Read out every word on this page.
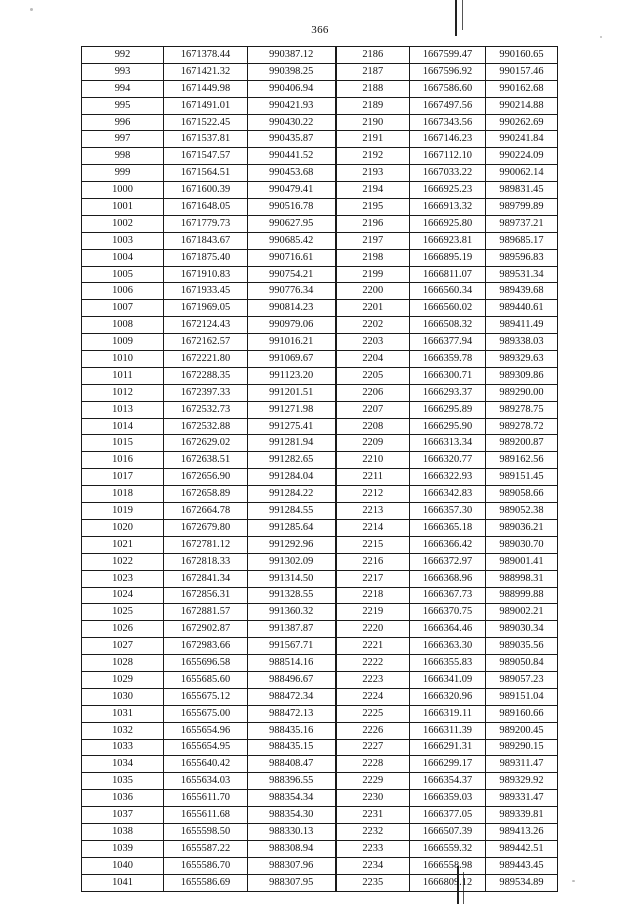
366
992	1671378.44	990387.12	2186	1667599.47	990160.65
993	1671421.32	990398.25	2187	1667596.92	990157.46
994	1671449.98	990406.94	2188	1667586.60	990162.68
995	1671491.01	990421.93	2189	1667497.56	990214.88
996	1671522.45	990430.22	2190	1667343.56	990262.69
997	1671537.81	990435.87	2191	1667146.23	990241.84
998	1671547.57	990441.52	2192	1667112.10	990224.09
999	1671564.51	990453.68	2193	1667033.22	990062.14
1000	1671600.39	990479.41	2194	1666925.23	989831.45
1001	1671648.05	990516.78	2195	1666913.32	989799.89
1002	1671779.73	990627.95	2196	1666925.80	989737.21
1003	1671843.67	990685.42	2197	1666923.81	989685.17
1004	1671875.40	990716.61	2198	1666895.19	989596.83
1005	1671910.83	990754.21	2199	1666811.07	989531.34
1006	1671933.45	990776.34	2200	1666560.34	989439.68
1007	1671969.05	990814.23	2201	1666560.02	989440.61
1008	1672124.43	990979.06	2202	1666508.32	989411.49
1009	1672162.57	991016.21	2203	1666377.94	989338.03
1010	1672221.80	991069.67	2204	1666359.78	989329.63
1011	1672288.35	991123.20	2205	1666300.71	989309.86
1012	1672397.33	991201.51	2206	1666293.37	989290.00
1013	1672532.73	991271.98	2207	1666295.89	989278.75
1014	1672532.88	991275.41	2208	1666295.90	989278.72
1015	1672629.02	991281.94	2209	1666313.34	989200.87
1016	1672638.51	991282.65	2210	1666320.77	989162.56
1017	1672656.90	991284.04	2211	1666322.93	989151.45
1018	1672658.89	991284.22	2212	1666342.83	989058.66
1019	1672664.78	991284.55	2213	1666357.30	989052.38
1020	1672679.80	991285.64	2214	1666365.18	989036.21
1021	1672781.12	991292.96	2215	1666366.42	989030.70
1022	1672818.33	991302.09	2216	1666372.97	989001.41
1023	1672841.34	991314.50	2217	1666368.96	988998.31
1024	1672856.31	991328.55	2218	1666367.73	988999.88
1025	1672881.57	991360.32	2219	1666370.75	989002.21
1026	1672902.87	991387.87	2220	1666364.46	989030.34
1027	1672983.66	991567.71	2221	1666363.30	989035.56
1028	1655696.58	988514.16	2222	1666355.83	989050.84
1029	1655685.60	988496.67	2223	1666341.09	989057.23
1030	1655675.12	988472.34	2224	1666320.96	989151.04
1031	1655675.00	988472.13	2225	1666319.11	989160.66
1032	1655654.96	988435.16	2226	1666311.39	989200.45
1033	1655654.95	988435.15	2227	1666291.31	989290.15
1034	1655640.42	988408.47	2228	1666299.17	989311.47
1035	1655634.03	988396.55	2229	1666354.37	989329.92
1036	1655611.70	988354.34	2230	1666359.03	989331.47
1037	1655611.68	988354.30	2231	1666377.05	989339.81
1038	1655598.50	988330.13	2232	1666507.39	989413.26
1039	1655587.22	988308.94	2233	1666559.32	989442.51
1040	1655586.70	988307.96	2234	1666558.98	989443.45
1041	1655586.69	988307.95	2235	1666809.12	989534.89
